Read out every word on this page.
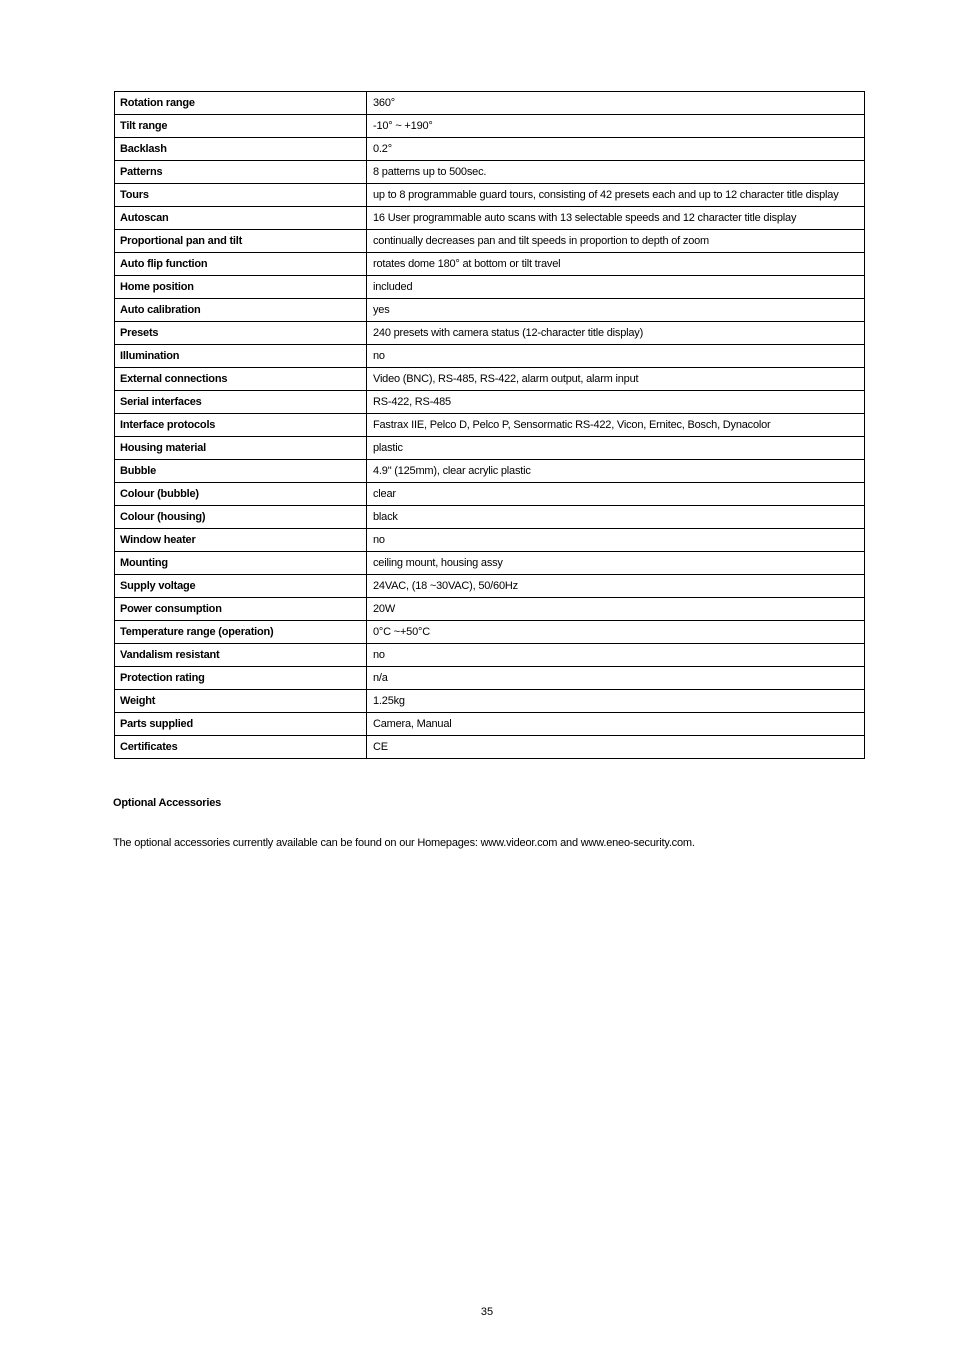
Rotation range	360°
Tilt range	-10° ~ +190°
Backlash	0.2°
Patterns	8 patterns up to 500sec.
Tours	up to 8 programmable guard tours, consisting of 42 presets each and up to 12 character title display
Autoscan	16 User programmable auto scans with 13 selectable speeds and 12 character title display
Proportional pan and tilt	continually decreases pan and tilt speeds in proportion to depth of zoom
Auto flip function	rotates dome 180° at bottom or tilt travel
Home position	included
Auto calibration	yes
Presets	240 presets with camera status (12-character title display)
Illumination	no
External connections	Video (BNC), RS-485, RS-422, alarm output, alarm input
Serial interfaces	RS-422, RS-485
Interface protocols	Fastrax IIE, Pelco D, Pelco P, Sensormatic RS-422, Vicon, Ernitec, Bosch, Dynacolor
Housing material	plastic
Bubble	4.9" (125mm), clear acrylic plastic
Colour (bubble)	clear
Colour (housing)	black
Window heater	no
Mounting	ceiling mount, housing assy
Supply voltage	24VAC, (18 ~30VAC), 50/60Hz
Power consumption	20W
Temperature range (operation)	0°C ~+50°C
Vandalism resistant	no
Protection rating	n/a
Weight	1.25kg
Parts supplied	Camera, Manual
Certificates	CE
Optional Accessories
The optional accessories currently available can be found on our Homepages: www.videor.com and www.eneo-security.com.
35
